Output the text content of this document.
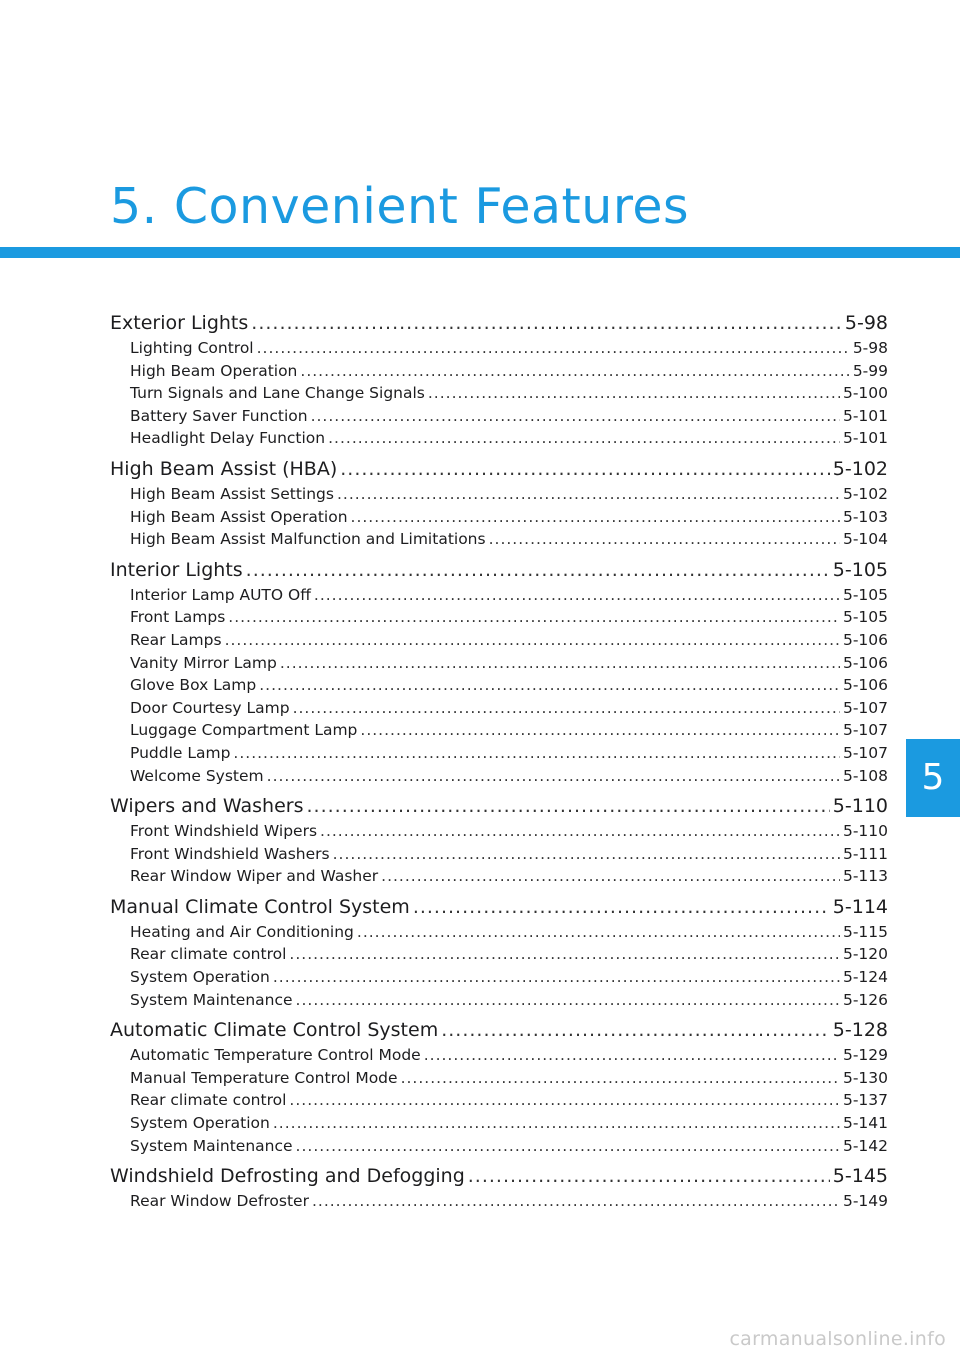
5. Convenient Features
Exterior Lights .....	5-98
Lighting Control .....	5-98
High Beam Operation .....	5-99
Turn Signals and Lane Change Signals .....	5-100
Battery Saver Function .....	5-101
Headlight Delay Function .....	5-101
High Beam Assist (HBA) .....	5-102
High Beam Assist Settings .....	5-102
High Beam Assist Operation .....	5-103
High Beam Assist Malfunction and Limitations .....	5-104
Interior Lights .....	5-105
Interior Lamp AUTO Off .....	5-105
Front Lamps .....	5-105
Rear Lamps .....	5-106
Vanity Mirror Lamp .....	5-106
Glove Box Lamp .....	5-106
Door Courtesy Lamp .....	5-107
Luggage Compartment Lamp .....	5-107
Puddle Lamp .....	5-107
Welcome System .....	5-108
Wipers and Washers .....	5-110
Front Windshield Wipers .....	5-110
Front Windshield Washers .....	5-111
Rear Window Wiper and Washer .....	5-113
Manual Climate Control System .....	5-114
Heating and Air Conditioning .....	5-115
Rear climate control .....	5-120
System Operation .....	5-124
System Maintenance .....	5-126
Automatic Climate Control System .....	5-128
Automatic Temperature Control Mode .....	5-129
Manual Temperature Control Mode .....	5-130
Rear climate control .....	5-137
System Operation .....	5-141
System Maintenance .....	5-142
Windshield Defrosting and Defogging .....	5-145
Rear Window Defroster .....	5-149
5
carmanualsonline.info
